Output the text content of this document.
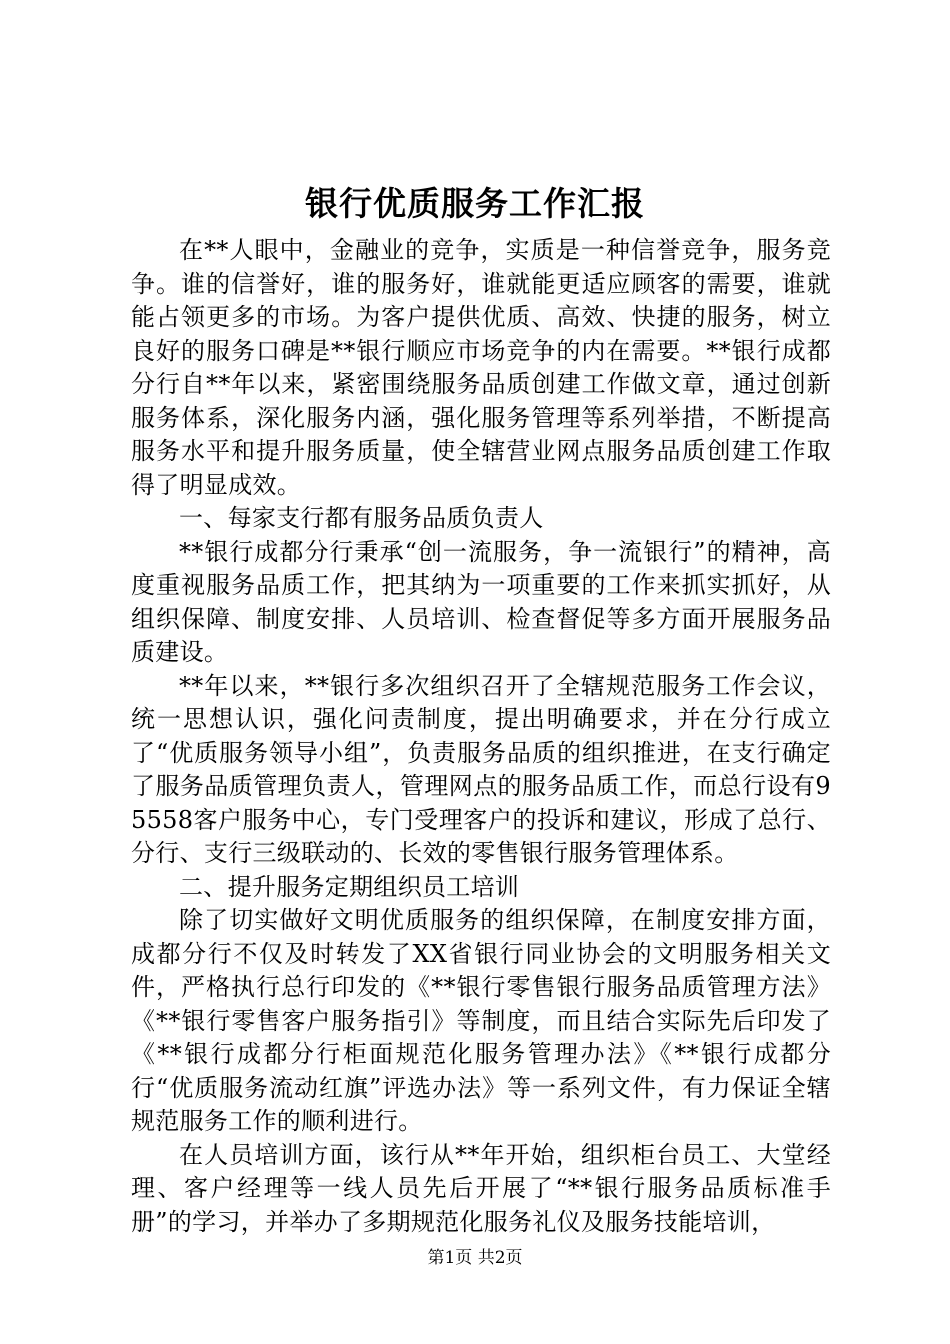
银行优质服务工作汇报

在**人眼中，金融业的竞争，实质是一种信誉竞争，服务竞争。谁的信誉好，谁的服务好，谁就能更适应顾客的需要，谁就能占领更多的市场。为客户提供优质、高效、快捷的服务，树立良好的服务口碑是**银行顺应市场竞争的内在需要。**银行成都分行自**年以来，紧密围绕服务品质创建工作做文章，通过创新服务体系，深化服务内涵，强化服务管理等系列举措，不断提高服务水平和提升服务质量，使全辖营业网点服务品质创建工作取得了明显成效。

一、每家支行都有服务品质负责人

**银行成都分行秉承“创一流服务，争一流银行”的精神，高度重视服务品质工作，把其纳为一项重要的工作来抓实抓好，从组织保障、制度安排、人员培训、检查督促等多方面开展服务品质建设。

**年以来，**银行多次组织召开了全辖规范服务工作会议，统一思想认识，强化问责制度，提出明确要求，并在分行成立了“优质服务领导小组”，负责服务品质的组织推进，在支行确定了服务品质管理负责人，管理网点的服务品质工作，而总行设有95558客户服务中心，专门受理客户的投诉和建议，形成了总行、分行、支行三级联动的、长效的零售银行服务管理体系。

二、提升服务定期组织员工培训

除了切实做好文明优质服务的组织保障，在制度安排方面，成都分行不仅及时转发了XX省银行同业协会的文明服务相关文件，严格执行总行印发的《**银行零售银行服务品质管理方法》《**银行零售客户服务指引》等制度，而且结合实际先后印发了《**银行成都分行柜面规范化服务管理办法》《**银行成都分行“优质服务流动红旗”评选办法》等一系列文件，有力保证全辖规范服务工作的顺利进行。

在人员培训方面，该行从**年开始，组织柜台员工、大堂经理、客户经理等一线人员先后开展了“**银行服务品质标准手册”的学习，并举办了多期规范化服务礼仪及服务技能培训，

第1页 共2页
